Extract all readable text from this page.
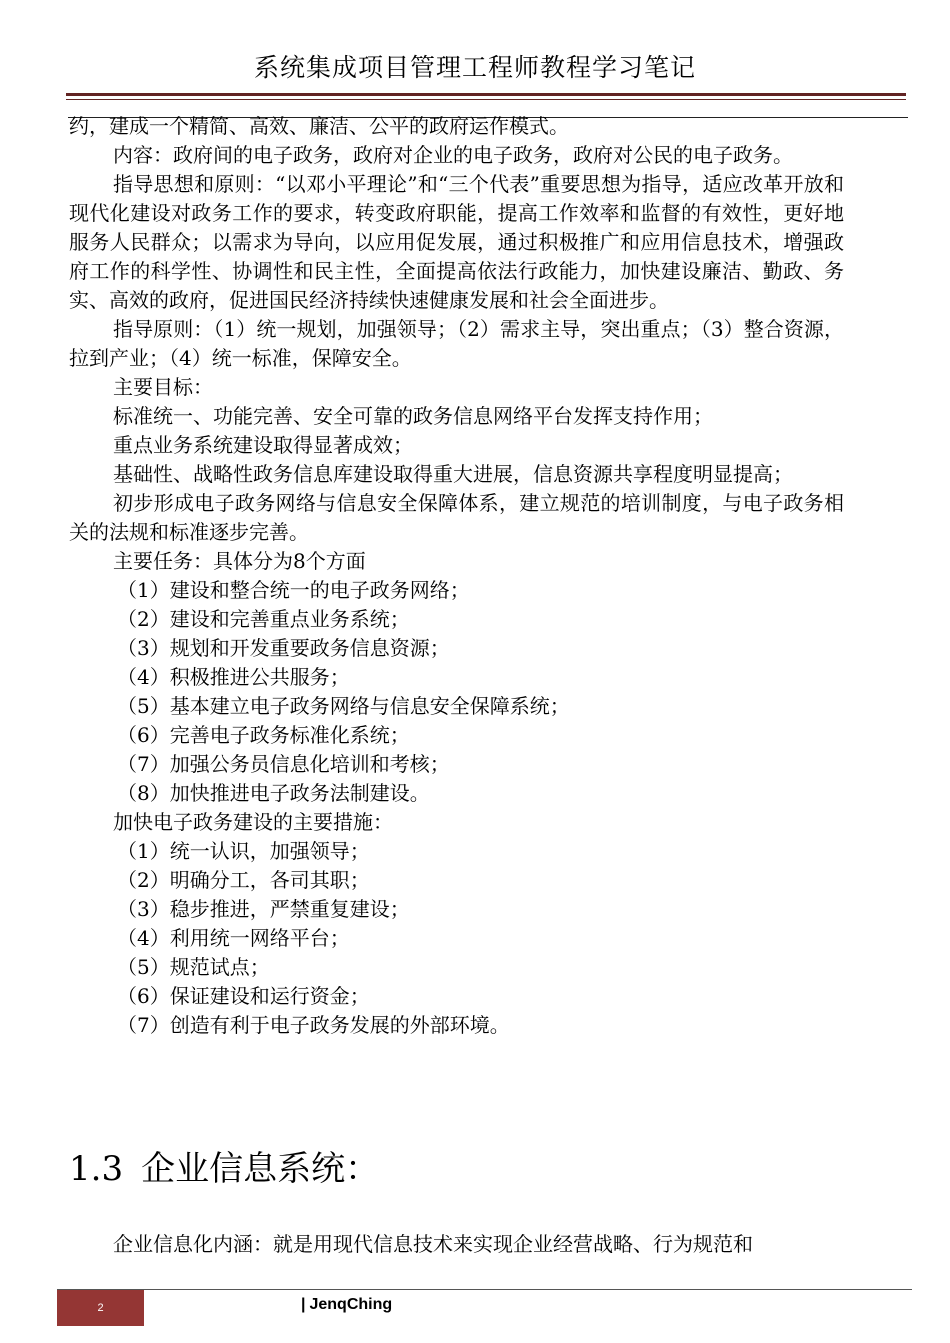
系统集成项目管理工程师教程学习笔记

约，建成一个精简、高效、廉洁、公平的政府运作模式。

内容：政府间的电子政务，政府对企业的电子政务，政府对公民的电子政务。

指导思想和原则：“以邓小平理论”和“三个代表”重要思想为指导，适应改革开放和现代化建设对政务工作的要求，转变政府职能，提高工作效率和监督的有效性，更好地服务人民群众；以需求为导向，以应用促发展，通过积极推广和应用信息技术，增强政府工作的科学性、协调性和民主性，全面提高依法行政能力，加快建设廉洁、勤政、务实、高效的政府，促进国民经济持续快速健康发展和社会全面进步。

指导原则：（1）统一规划，加强领导；（2）需求主导，突出重点；（3）整合资源，拉到产业；（4）统一标准，保障安全。

主要目标：

标准统一、功能完善、安全可靠的政务信息网络平台发挥支持作用；

重点业务系统建设取得显著成效；

基础性、战略性政务信息库建设取得重大进展，信息资源共享程度明显提高；

初步形成电子政务网络与信息安全保障体系，建立规范的培训制度，与电子政务相关的法规和标准逐步完善。

主要任务：具体分为8个方面

（1）建设和整合统一的电子政务网络；

（2）建设和完善重点业务系统；

（3）规划和开发重要政务信息资源；

（4）积极推进公共服务；

（5）基本建立电子政务网络与信息安全保障系统；

（6）完善电子政务标准化系统；

（7）加强公务员信息化培训和考核；

（8）加快推进电子政务法制建设。

加快电子政务建设的主要措施：

（1）统一认识，加强领导；

（2）明确分工，各司其职；

（3）稳步推进，严禁重复建设；

（4）利用统一网络平台；

（5）规范试点；

（6）保证建设和运行资金；

（7）创造有利于电子政务发展的外部环境。

1.3 企业信息系统：
企业信息化内涵：就是用现代信息技术来实现企业经营战略、行为规范和
2	| JenqChing
